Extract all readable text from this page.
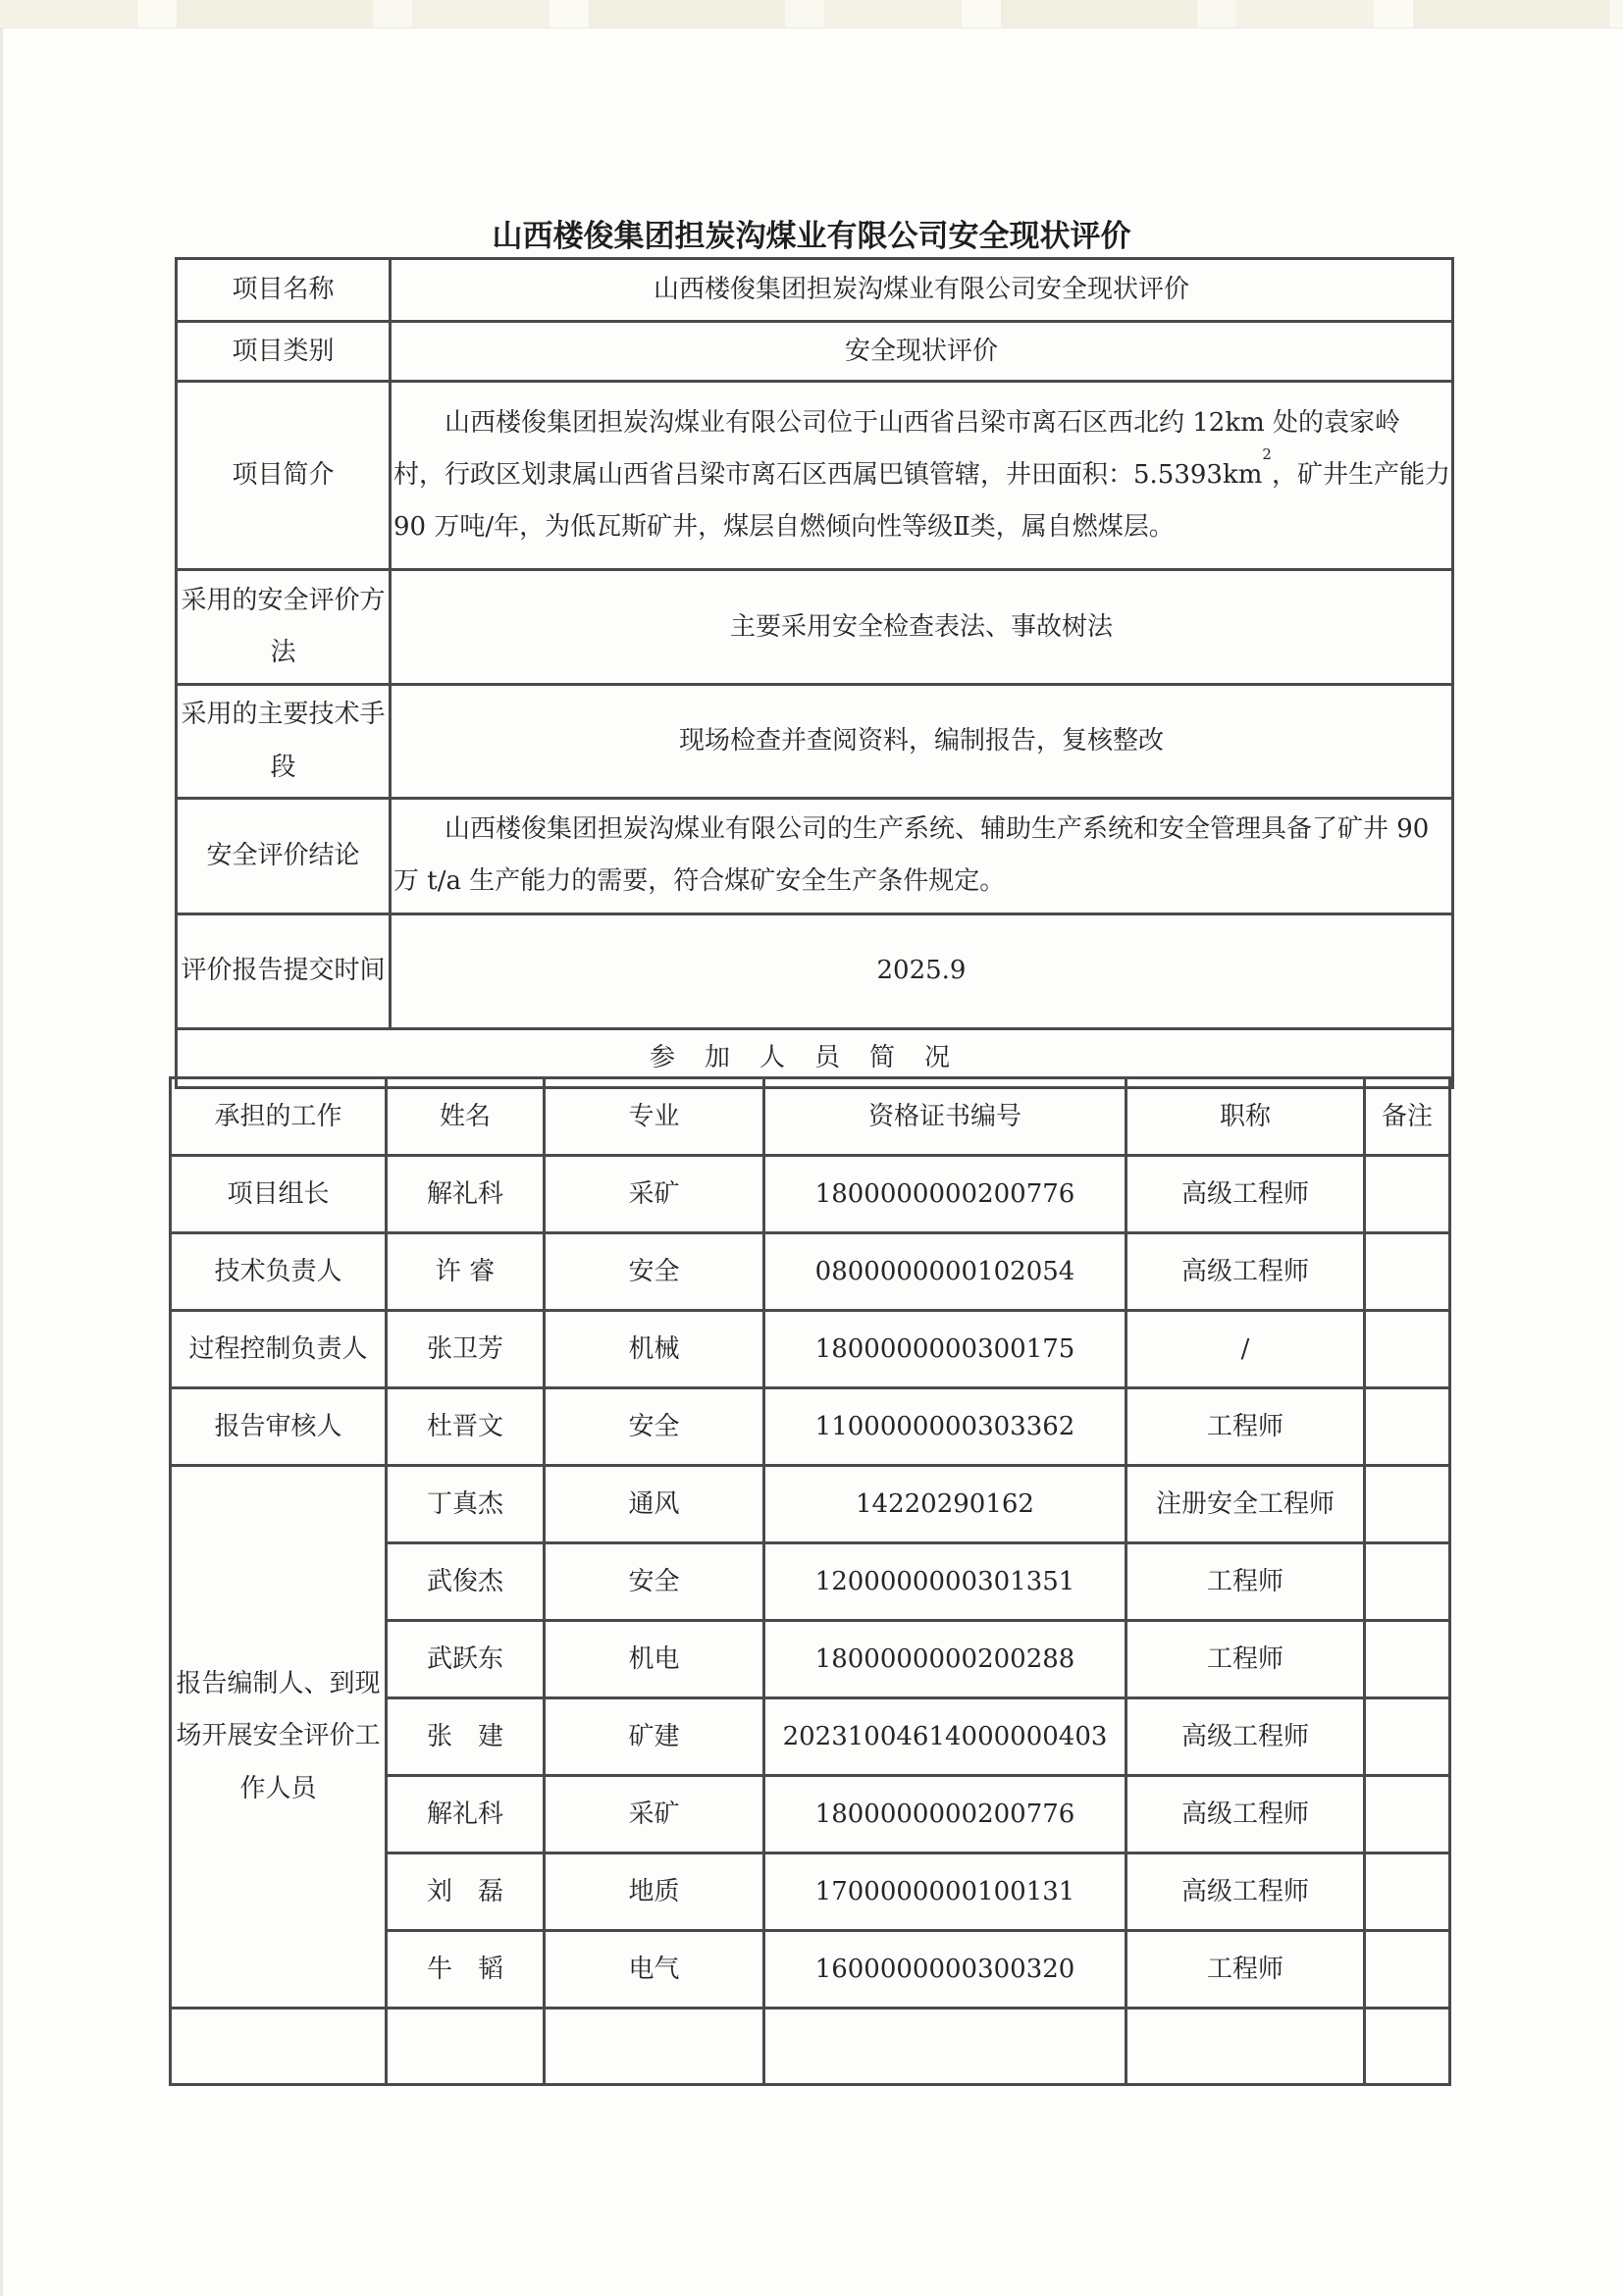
山西楼俊集团担炭沟煤业有限公司安全现状评价
项目名称	山西楼俊集团担炭沟煤业有限公司安全现状评价
项目类别	安全现状评价
项目简介	山西楼俊集团担炭沟煤业有限公司位于山西省吕梁市离石区西北约 12km 处的袁家岭村，行政区划隶属山西省吕梁市离石区西属巴镇管辖，井田面积：$5.5393km^2$，矿井生产能力 90 万吨/年，为低瓦斯矿井，煤层自燃倾向性等级Ⅱ类，属自燃煤层。
采用的安全评价方法	主要采用安全检查表法、事故树法
采用的主要技术手段	现场检查并查阅资料，编制报告，复核整改
安全评价结论	山西楼俊集团担炭沟煤业有限公司的生产系统、辅助生产系统和安全管理具备了矿井 90 万 t/a 生产能力的需要，符合煤矿安全生产条件规定。
评价报告提交时间	2025.9
参加人员简况	
承担的工作	姓名	专业	资格证书编号	职称	备注
项目组长	解礼科	采矿	1800000000200776	高级工程师	
技术负责人	许 睿	安全	0800000000102054	高级工程师	
过程控制负责人	张卫芳	机械	1800000000300175	/	
报告审核人	杜晋文	安全	1100000000303362	工程师	
报告编制人、到现场开展安全评价工作人员	丁真杰	通风	14220290162	注册安全工程师	
	武俊杰	安全	1200000000301351	工程师	
	武跃东	机电	1800000000200288	工程师	
	张　建	矿建	20231004614000000403	高级工程师	
	解礼科	采矿	1800000000200776	高级工程师	
	刘　磊	地质	1700000000100131	高级工程师	
	牛　韬	电气	1600000000300320	工程师	
